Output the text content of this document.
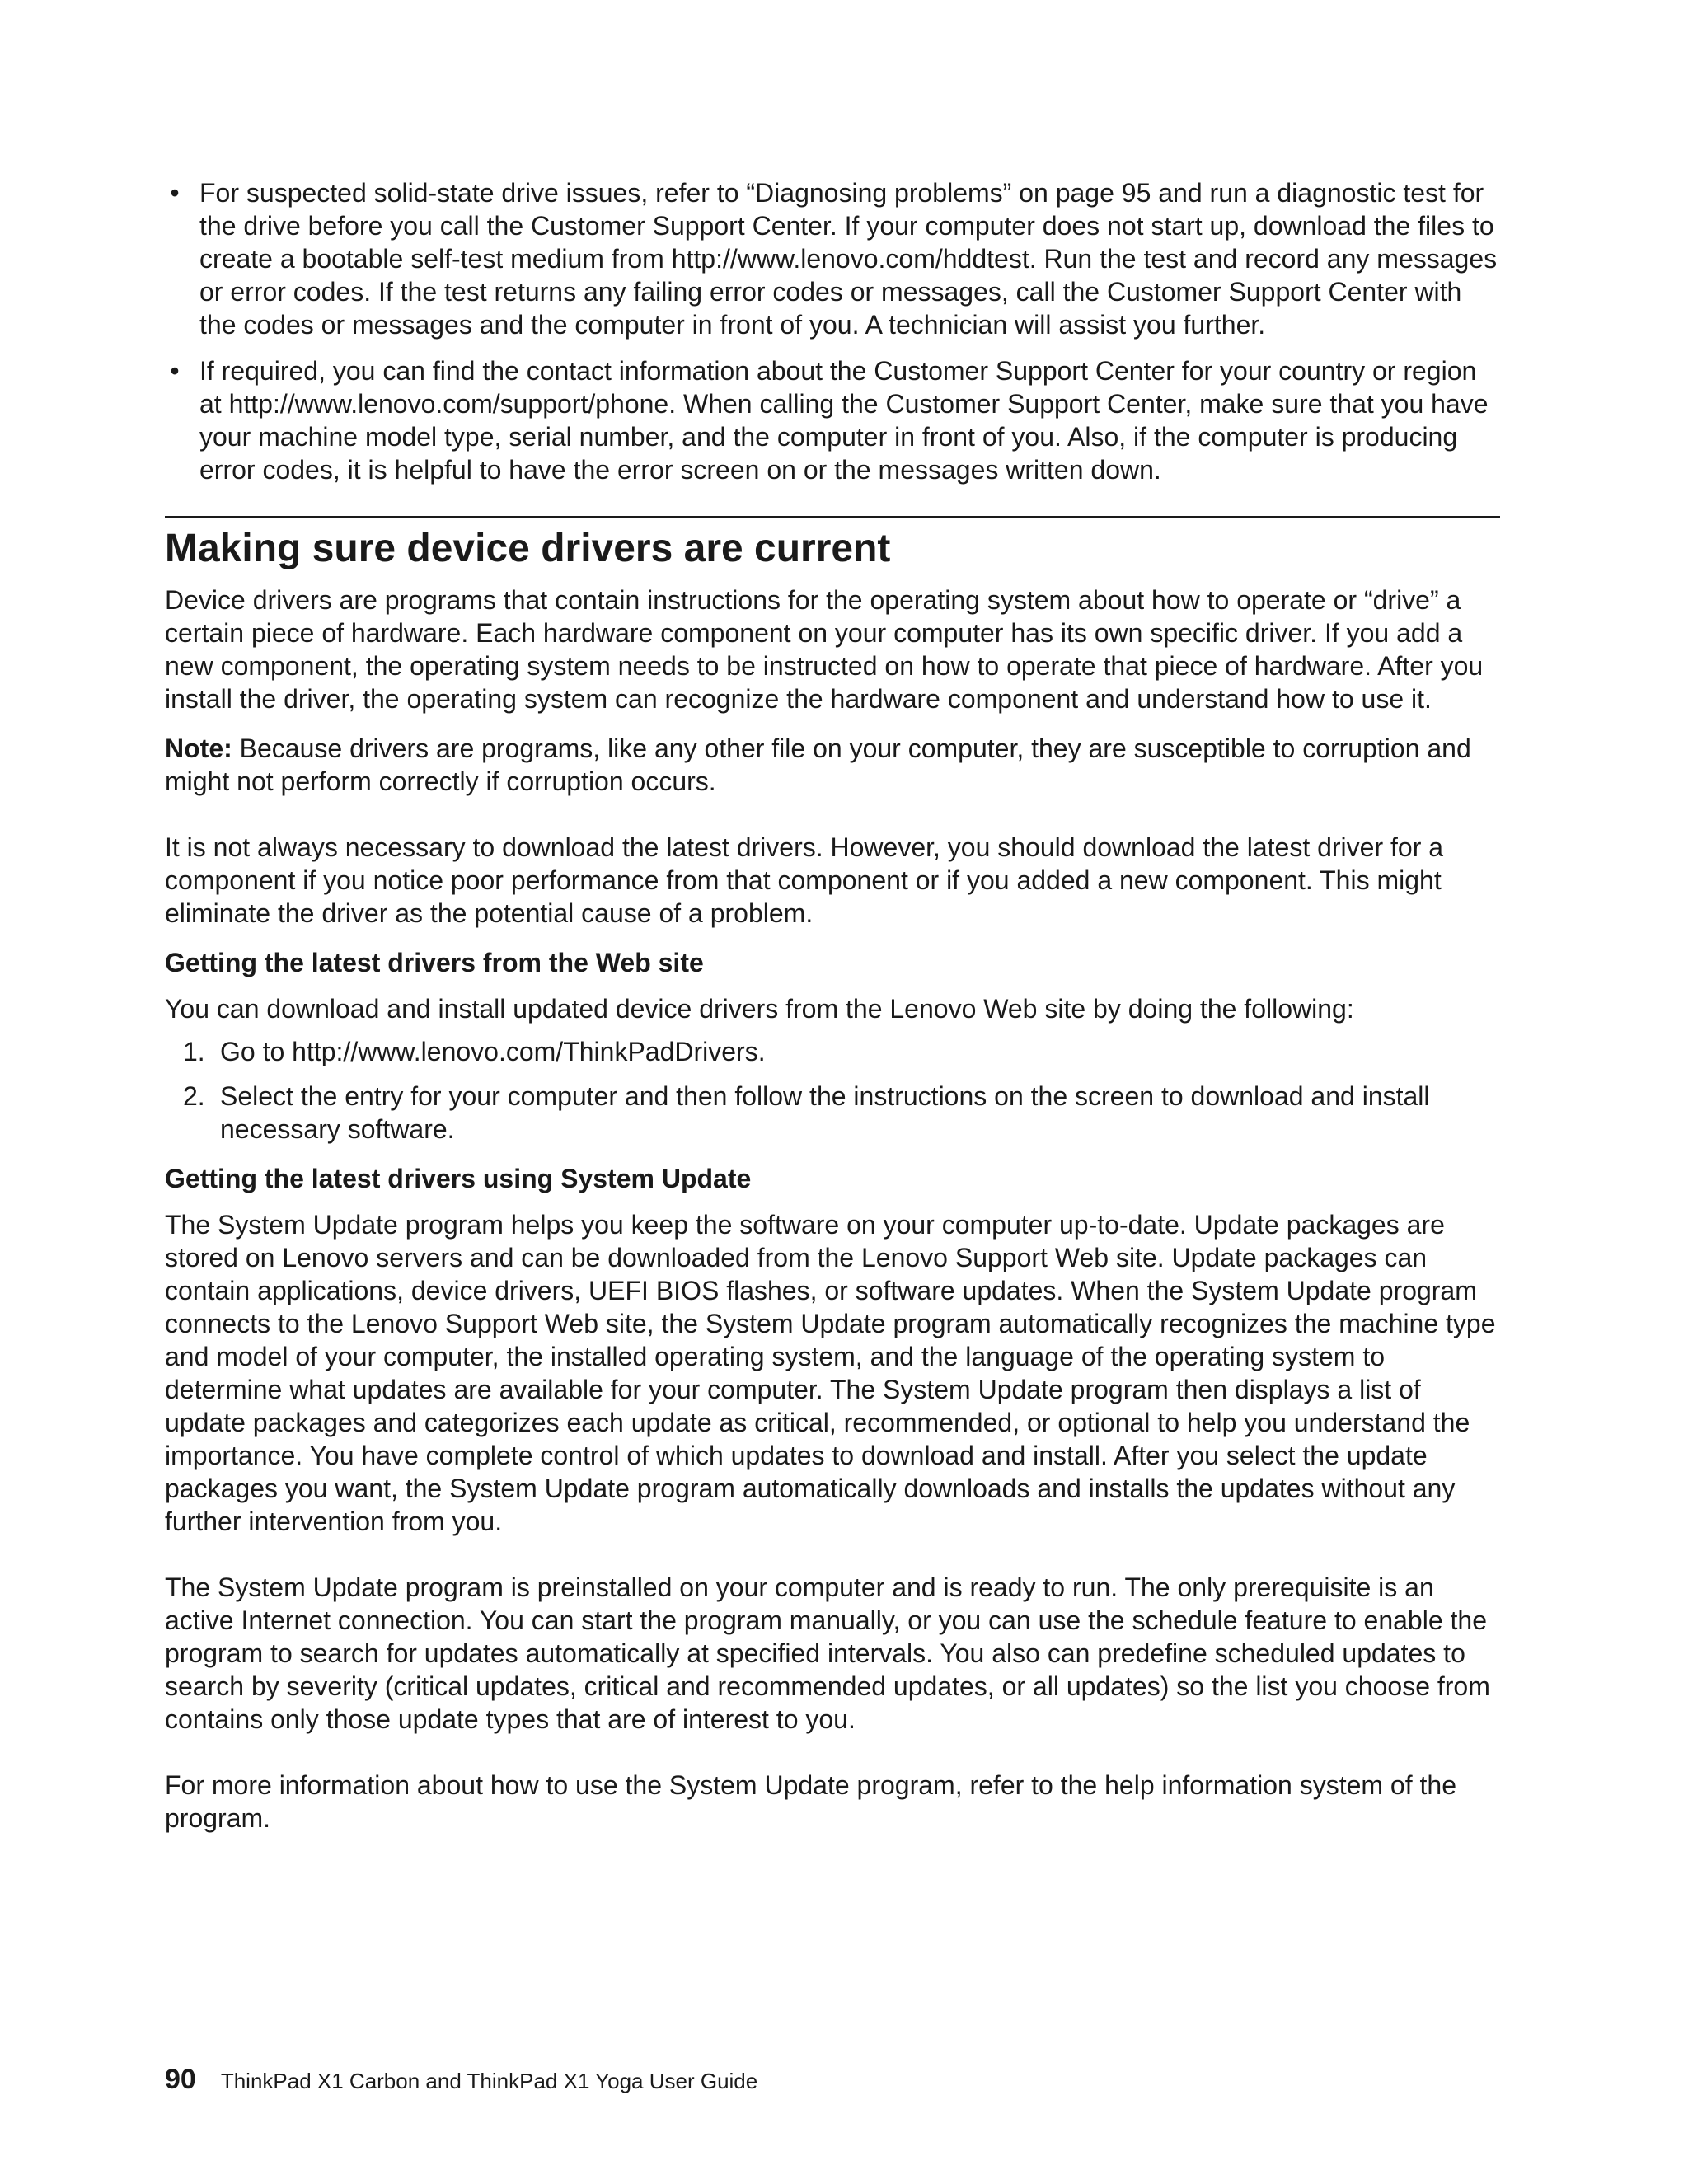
• For suspected solid-state drive issues, refer to “Diagnosing problems” on page 95 and run a diagnostic test for the drive before you call the Customer Support Center. If your computer does not start up, download the files to create a bootable self-test medium from http://www.lenovo.com/hddtest. Run the test and record any messages or error codes. If the test returns any failing error codes or messages, call the Customer Support Center with the codes or messages and the computer in front of you. A technician will assist you further.
• If required, you can find the contact information about the Customer Support Center for your country or region at http://www.lenovo.com/support/phone. When calling the Customer Support Center, make sure that you have your machine model type, serial number, and the computer in front of you. Also, if the computer is producing error codes, it is helpful to have the error screen on or the messages written down.
Making sure device drivers are current

Device drivers are programs that contain instructions for the operating system about how to operate or “drive” a certain piece of hardware. Each hardware component on your computer has its own specific driver. If you add a new component, the operating system needs to be instructed on how to operate that piece of hardware. After you install the driver, the operating system can recognize the hardware component and understand how to use it.

Note: Because drivers are programs, like any other file on your computer, they are susceptible to corruption and might not perform correctly if corruption occurs.

It is not always necessary to download the latest drivers. However, you should download the latest driver for a component if you notice poor performance from that component or if you added a new component. This might eliminate the driver as the potential cause of a problem.

Getting the latest drivers from the Web site

You can download and install updated device drivers from the Lenovo Web site by doing the following:

1. Go to http://www.lenovo.com/ThinkPadDrivers.
2. Select the entry for your computer and then follow the instructions on the screen to download and install necessary software.
Getting the latest drivers using System Update

The System Update program helps you keep the software on your computer up-to-date. Update packages are stored on Lenovo servers and can be downloaded from the Lenovo Support Web site. Update packages can contain applications, device drivers, UEFI BIOS flashes, or software updates. When the System Update program connects to the Lenovo Support Web site, the System Update program automatically recognizes the machine type and model of your computer, the installed operating system, and the language of the operating system to determine what updates are available for your computer. The System Update program then displays a list of update packages and categorizes each update as critical, recommended, or optional to help you understand the importance. You have complete control of which updates to download and install. After you select the update packages you want, the System Update program automatically downloads and installs the updates without any further intervention from you.

The System Update program is preinstalled on your computer and is ready to run. The only prerequisite is an active Internet connection. You can start the program manually, or you can use the schedule feature to enable the program to search for updates automatically at specified intervals. You also can predefine scheduled updates to search by severity (critical updates, critical and recommended updates, or all updates) so the list you choose from contains only those update types that are of interest to you.

For more information about how to use the System Update program, refer to the help information system of the program.

90 ThinkPad X1 Carbon and ThinkPad X1 Yoga User Guide
